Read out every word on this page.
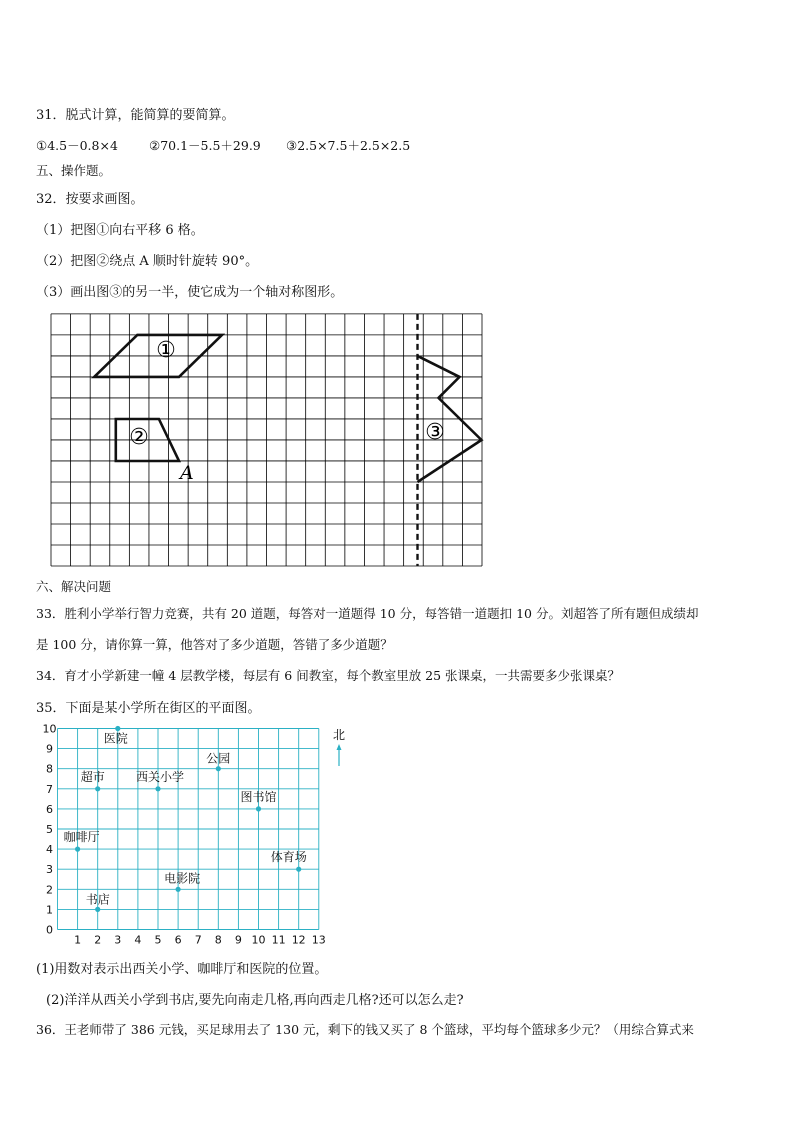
31．脱式计算，能简算的要简算。
①4.5－0.8×4 ②70.1－5.5＋29.9 ③2.5×7.5＋2.5×2.5
五、操作题。
32．按要求画图。
（1）把图①向右平移 6 格。
（2）把图②绕点 A 顺时针旋转 90°。
（3）画出图③的另一半，使它成为一个轴对称图形。
①
②	③
A
六、解决问题
33．胜利小学举行智力竞赛，共有 20 道题，每答对一道题得 10 分，每答错一道题扣 10 分。刘超答了所有题但成绩却
是 100 分，请你算一算，他答对了多少道题，答错了多少道题？
34．育才小学新建一幢 4 层教学楼，每层有 6 间教室，每个教室里放 25 张课桌，一共需要多少张课桌？
35．下面是某小学所在街区的平面图。
0
1 2 3 4 5 6 7 8 9 10 11 12 13
1
2
3
4
5
6
7
8
9
10
医院
公园
超市	西关小学
图书馆
咖啡厅
体育场
电影院
书店
北
(1)用数对表示出西关小学、咖啡厅和医院的位置。
(2)洋洋从西关小学到书店,要先向南走几格,再向西走几格?还可以怎么走?
36．王老师带了 386 元钱，买足球用去了 130 元，剩下的钱又买了 8 个篮球，平均每个篮球多少元？（用综合算式来
